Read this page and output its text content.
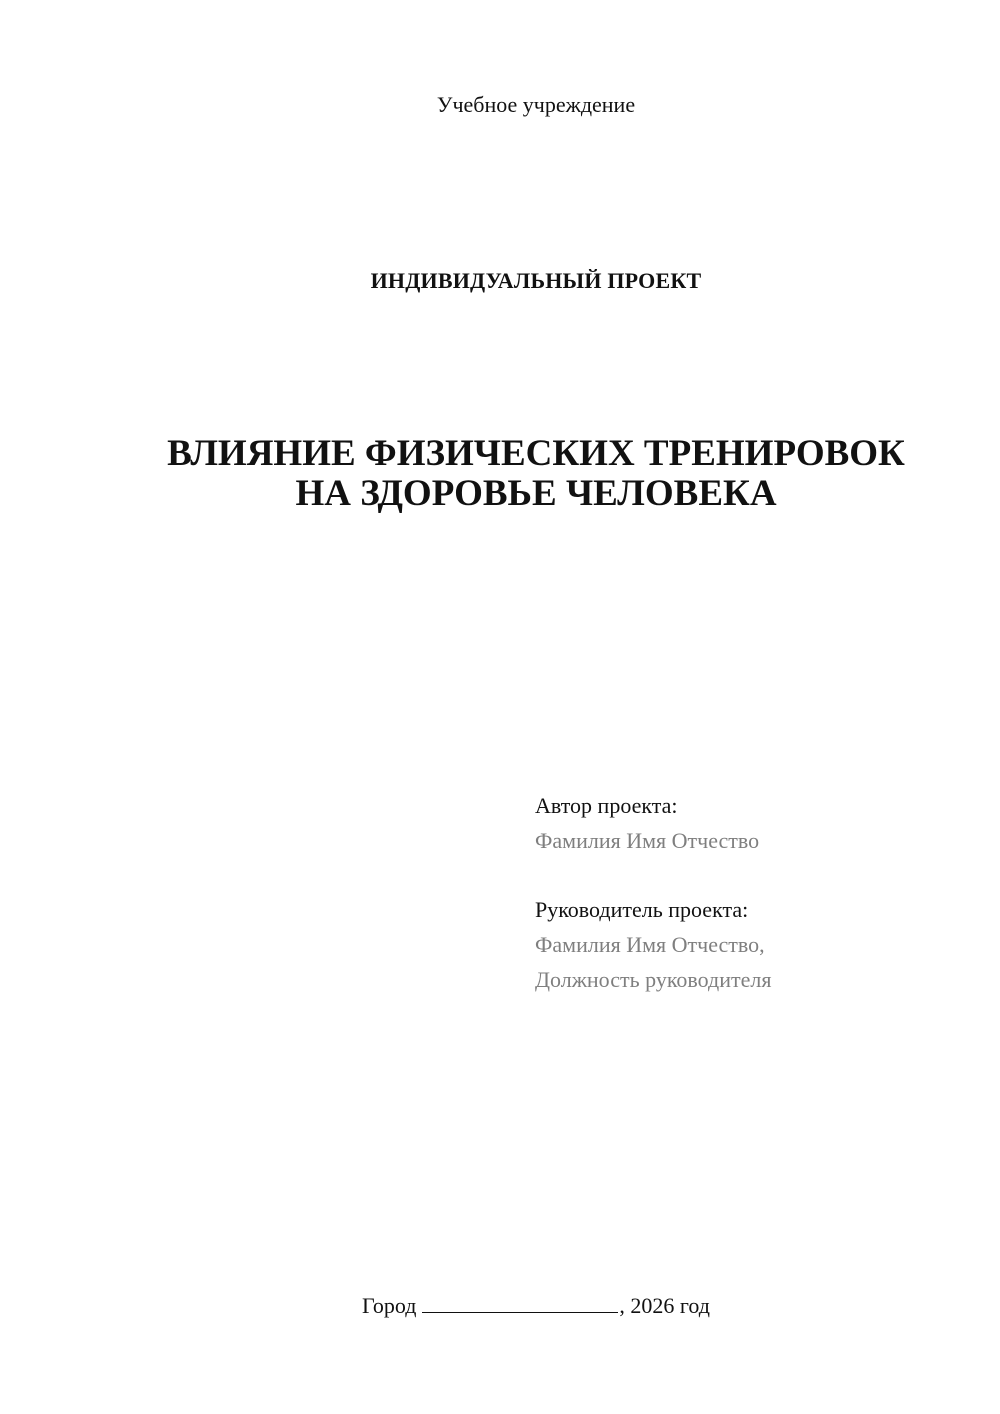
Учебное учреждение
ИНДИВИДУАЛЬНЫЙ ПРОЕКТ
ВЛИЯНИЕ ФИЗИЧЕСКИХ ТРЕНИРОВОК
НА ЗДОРОВЬЕ ЧЕЛОВЕКА
Автор проекта:
Фамилия Имя Отчество
Руководитель проекта:
Фамилия Имя Отчество,
Должность руководителя
Город	, 2026 год
